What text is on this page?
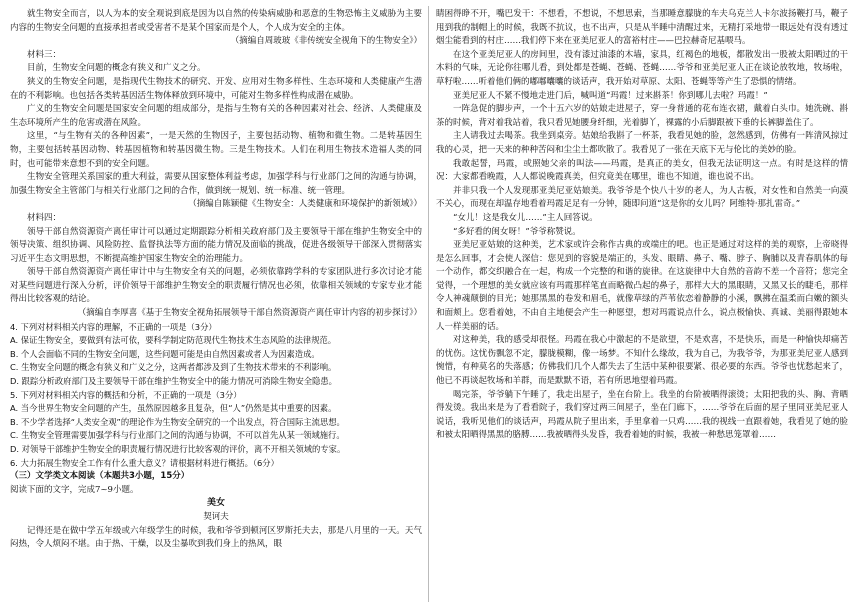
就生物安全而言，以人为本的安全观说到底是因为以自然的传染病威胁和恶意的生物恐怖主义威胁为主要内容的生物安全问题的直接承担者或受害者不是某个国家而是个人，个人成为安全的主体。

（摘编自周玻玻《非传统安全视角下的生物安全》）

材料三：

目前，生物安全问题的概念有狭义和广义之分。

狭义的生物安全问题，是指现代生物技术的研究、开发、应用对生物多样性、生态环境和人类健康产生潜在的不利影响。也包括各类转基因活生物体释放到环境中，可能对生物多样性构成潜在威胁。

广义的生物安全问题是国家安全问题的组成部分，是指与生物有关的各种因素对社会、经济、人类健康及生态环境所产生的危害或潜在风险。

这里，“与生物有关的各种因素”，一是天然的生物因子，主要包括动物、植物和微生物。二是转基因生物，主要包括转基因动物、转基因植物和转基因微生物。三是生物技术。人们在利用生物技术造福人类的同时，也可能带来意想不到的安全问题。

生物安全管理关系国家的重大利益，需要从国家整体利益考虑，加强学科与行业部门之间的沟通与协调，加强生物安全主管部门与相关行业部门之间的合作，做到统一规划、统一标准、统一管理。

（摘编自陈颖健《生物安全：人类健康和环境保护的新领域》）

材料四：

领导干部自然资源资产离任审计可以通过定期跟踪分析相关政府部门及主要领导干部在维护生物安全中的领导决策、组织协调、风险防控、监督执法等方面的能力情况及面临的挑战，促进各级领导干部深入贯彻落实习近平生态文明思想，不断提高维护国家生物安全的治理能力。

领导干部自然资源资产离任审计中与生物安全有关的问题，必须依靠跨学科的专家团队进行多次讨论才能对某些问题进行深入分析，评价领导干部维护生物安全的职责履行情况也必须，依靠相关领域的专家专业才能得出比较客观的结论。

（摘编自李厚喜《基于生物安全视角拓展领导干部自然资源资产离任审计内容的初步探讨》）

4. 下列对材料相关内容的理解，不正确的一项是（3分）

A. 保证生物安全，要做到有法可依，要科学制定防范现代生物技术生态风险的法律规范。

B. 个人会面临不同的生物安全问题，这些问题可能是由自然因素或者人为因素造成。

C. 生物安全问题的概念有狭义和广义之分，这两者都涉及到了生物技术带来的不利影响。

D. 跟踪分析政府部门及主要领导干部在维护生物安全中的能力情况可消除生物安全隐患。

5. 下列对材料相关内容的概括和分析，不正确的一项是（3分）

A. 当今世界生物安全问题的产生，虽然原因越多且复杂，但“人”仍然是其中重要的因素。

B. 不少学者选择“人类安全观”的理论作为生物安全研究的一个出发点，符合国际主流思想。

C. 生物安全管理需要加强学科与行业部门之间的沟通与协调，不可以首先从某一领域施行。

D. 对领导干部维护生物安全的职责履行情况进行比较客观的评价，离不开相关领域的专家。

6. 大力拓展生物安全工作有什么重大意义？请根据材料进行概括。（6分）

（三）文学类文本阅读（本题共3小题，15分）

阅读下面的文字，完成7~9小题。

美女

契诃夫

记得还是在做中学五年级或六年级学生的时候，我和爷爷到顿河区罗斯托夫去，那是八月里的一天。天气闷热，令人烦闷不堪。由于热、干燥，以及尘暴吹到我们身上的热风，眼

睛困得睁不开，嘴巴发干：不想看，不想说，不想思索，当那睡意朦胧的车夫乌克兰人卡尔波扬鞭打马，鞭子甩到我的制帽上的时候，我既不抗议，也不出声，只是从半睡中清醒过来，无精打采地带一眼远处有没有透过烟尘能看到的村庄……我们停下来在亚美尼亚人的富裕村庄——巴拉赫奇尼基喂马。

在这个亚美尼亚人的房间里，没有漆过油漆的木墙，家具，红褐色的地板，都散发出一股被太阳晒过的干木料的气味，无论你往哪儿看，到处都是苍蝇、苍蝇、苍蝇……爷爷和亚美尼亚人正在谈论放牧地，牧场啦，草籽啦……听着他们俩的嘟嘟囔囔的谈话声，我开始对草原、太阳、苍蝇等等产生了恐惧的情绪。

亚美尼亚人不紧不慢地走进门后，喊叫道“玛霞！过来斟茶！你到哪儿去啦？玛霞！”

一阵急促的脚步声，一个十五六岁的姑娘走进屋子，穿一身普通的花布连衣裙，戴着白头巾。她洗碗、斟茶的时候，背对着我站着，我只看见她腰身纤细，光着脚丫，裸露的小后脚跟被下垂的长裤脚盖住了。

主人请我过去喝茶。我坐到桌旁。姑娘给我斟了一杯茶，我看见她的脸，忽然感到，仿佛有一阵清风掠过我的心灵，把一天来的种种苦闷和尘尘土都吹散了。我看见了一张在天底下无与伦比的美妙的脸。

我敢起誓，玛霞，或照她父亲的叫法——玛霞，是真正的美女，但我无法证明这一点。有时是这样的情况：大家都看晚霞，人人都说晚霞真美，但究竟美在哪里，谁也不知道，谁也说不出。

并非只我一个人发现那亚美尼亚姑娘美。我爷爷是个快八十岁的老人，为人古板，对女性和自然美一向漠不关心，而现在却温存地看着玛霞足足有一分钟，随即问道“这是你的女儿吗？阿维特·那扎雷奇。”

“女儿！这是我女儿……”主人回答说。

“多好看的闺女呀！”爷爷称赞说。

亚美尼亚姑娘的这种美，艺术家或许会称作古典的或端庄的吧。也正是通过对这样的美的观察，上帝晓得是怎么回事，才会使人深信：您见到的容貌是端正的，头发、眼睛、鼻子、嘴、脖子、胸脯以及青春肌体的每一个动作，都交织融合在一起，构成一个完整的和谐的旋律。在这旋律中大自然的音韵不差一个音符；您完全觉得，一个理想的美女就应该有玛霞那样笔直而略微凸起的鼻子，那样大大的黑眼睛，又黑又长的睫毛，那样令人神魂颠倒的目光；她那黑黑的卷发和眉毛，就像草绿的芦苇依恋着静静的小溪，飘拂在温柔而白嫩的额头和面颊上。您看着她，不由自主地便会产生一种愿望，想对玛霞说点什么，说点极愉快、真诚、美丽得跟她本人一样美丽的话。

对这种美，我的感受却很怪。玛霞在我心中激起的不是欲望，不是欢喜，不是快乐，而是一种愉快却痛苦的忧伤。这忧伤飘忽不定，朦胧模糊，像一场梦。不知什么缘故，我为自己，为我爷爷，为那亚美尼亚人感到惋惜，有种莫名的失落感；仿佛我们几个人都失去了生活中某种很要紧、很必要的东西。爷爷也忧愁起来了，他已不再谈起牧场和羊群，而是默默不语，若有所思地望着玛霞。

喝完茶，爷爷躺下午睡了，我走出屋子，坐在台阶上。我坐的台阶被晒得滚烫；太阳把我的头、胸、背晒得发烫。我出来是为了看看院子，我们穿过两三间屋子，坐在门廊下，……爷爷在后面的屋子里同亚美尼亚人说话，我听见他们的谈话声，玛霞从院子里出来，手里拿着一只鸡……我的视线一直跟着她，我看见了她的脸和被太阳晒得黑黑的胳膊……我被晒得头发昏，我看着她的时候，我被一种愁思笼罩着……
